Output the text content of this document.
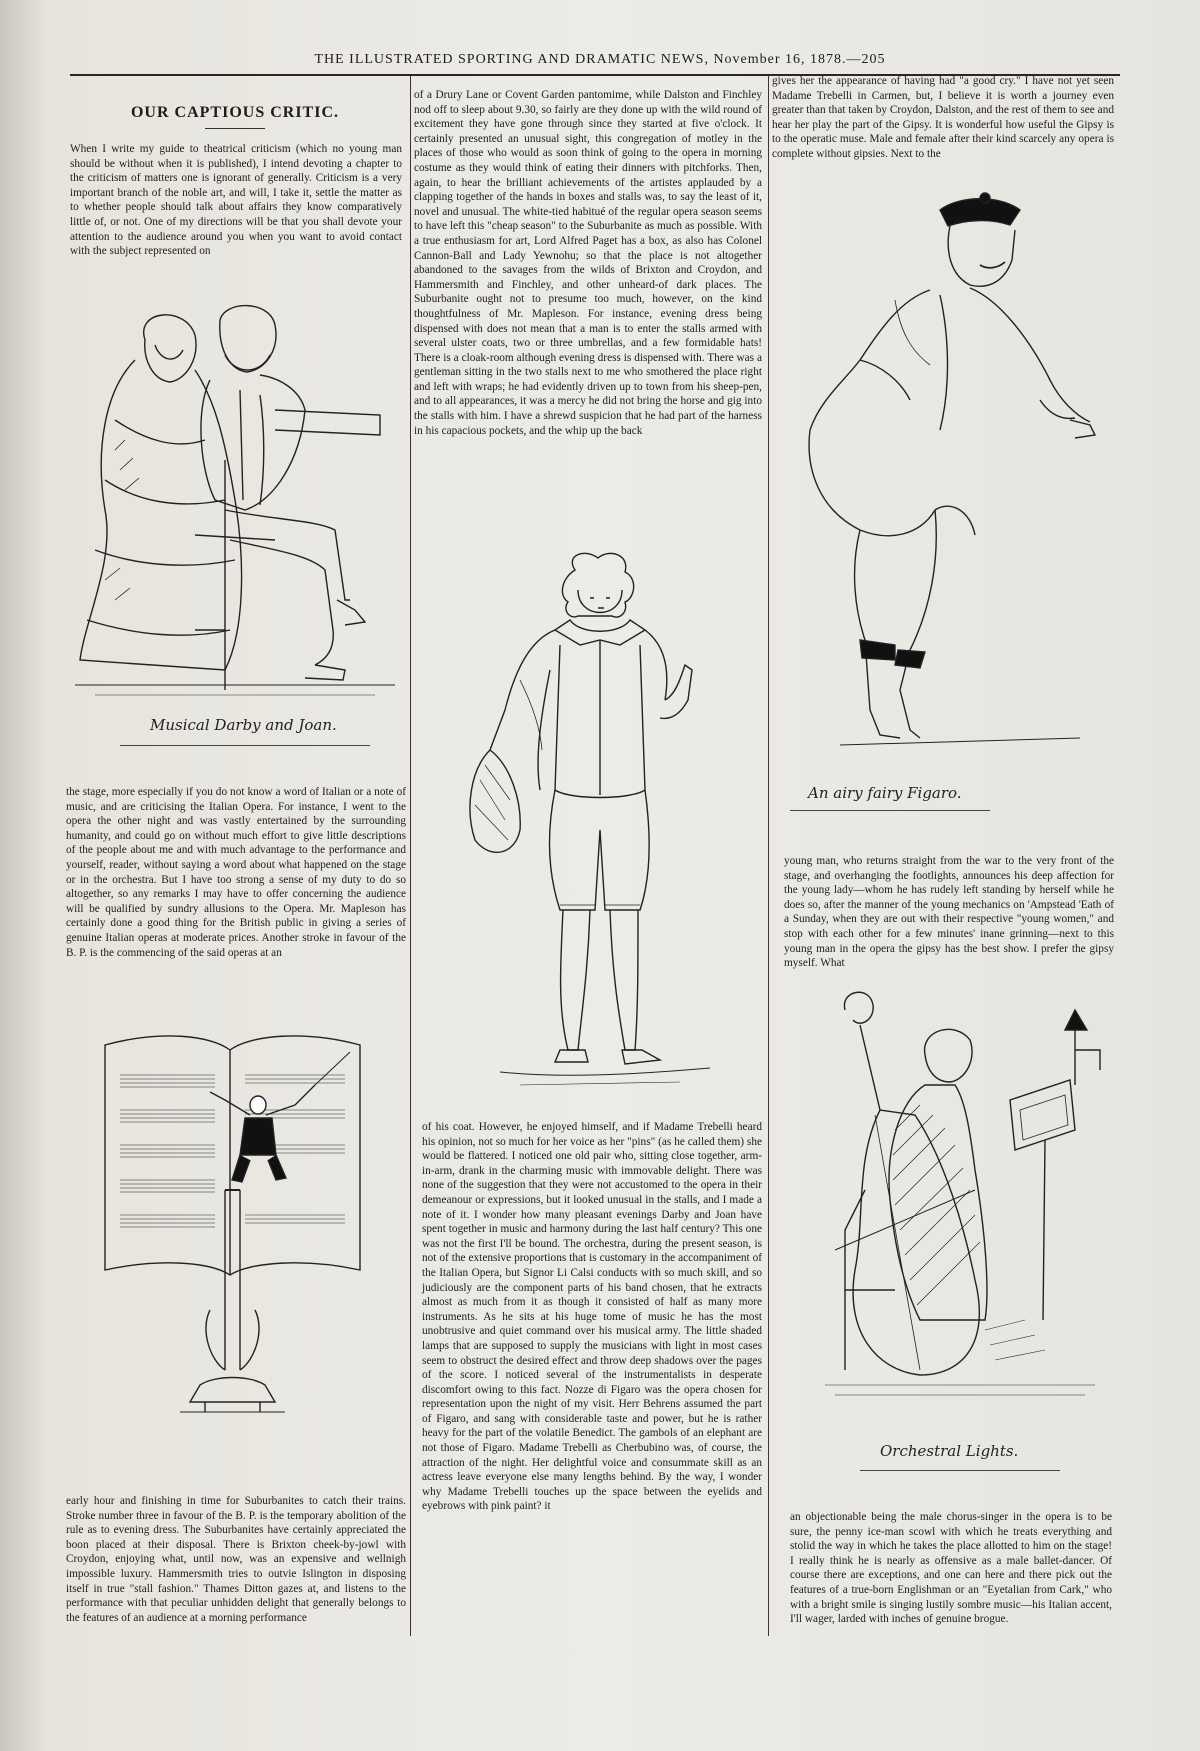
THE ILLUSTRATED SPORTING AND DRAMATIC NEWS, November 16, 1878.—205
OUR CAPTIOUS CRITIC.

When I write my guide to theatrical criticism (which no young man should be without when it is published), I intend devoting a chapter to the criticism of matters one is ignorant of generally. Criticism is a very important branch of the noble art, and will, I take it, settle the matter as to whether people should talk about affairs they know comparatively little of, or not. One of my directions will be that you shall devote your attention to the audience around you when you want to avoid contact with the subject represented on

Musical Darby and Joan.

the stage, more especially if you do not know a word of Italian or a note of music, and are criticising the Italian Opera. For instance, I went to the opera the other night and was vastly entertained by the surrounding humanity, and could go on without much effort to give little descriptions of the people about me and with much advantage to the performance and yourself, reader, without saying a word about what happened on the stage or in the orchestra. But I have too strong a sense of my duty to do so altogether, so any remarks I may have to offer concerning the audience will be qualified by sundry allusions to the Opera. Mr. Mapleson has certainly done a good thing for the British public in giving a series of genuine Italian operas at moderate prices. Another stroke in favour of the B. P. is the commencing of the said operas at an

early hour and finishing in time for Suburbanites to catch their trains. Stroke number three in favour of the B. P. is the temporary abolition of the rule as to evening dress. The Suburbanites have certainly appreciated the boon placed at their disposal. There is Brixton cheek-by-jowl with Croydon, enjoying what, until now, was an expensive and wellnigh impossible luxury. Hammersmith tries to outvie Islington in disposing itself in true "stall fashion." Thames Ditton gazes at, and listens to the performance with that peculiar unhidden delight that generally belongs to the features of an audience at a morning performance

of a Drury Lane or Covent Garden pantomime, while Dalston and Finchley nod off to sleep about 9.30, so fairly are they done up with the wild round of excitement they have gone through since they started at five o'clock. It certainly presented an unusual sight, this congregation of motley in the places of those who would as soon think of going to the opera in morning costume as they would think of eating their dinners with pitchforks. Then, again, to hear the brilliant achievements of the artistes applauded by a clapping together of the hands in boxes and stalls was, to say the least of it, novel and unusual. The white-tied habitué of the regular opera season seems to have left this "cheap season" to the Suburbanite as much as possible. With a true enthusiasm for art, Lord Alfred Paget has a box, as also has Colonel Cannon-Ball and Lady Yewnohu; so that the place is not altogether abandoned to the savages from the wilds of Brixton and Croydon, and Hammersmith and Finchley, and other unheard-of dark places. The Suburbanite ought not to presume too much, however, on the kind thoughtfulness of Mr. Mapleson. For instance, evening dress being dispensed with does not mean that a man is to enter the stalls armed with several ulster coats, two or three umbrellas, and a few formidable hats! There is a cloak-room although evening dress is dispensed with. There was a gentleman sitting in the two stalls next to me who smothered the place right and left with wraps; he had evidently driven up to town from his sheep-pen, and to all appearances, it was a mercy he did not bring the horse and gig into the stalls with him. I have a shrewd suspicion that he had part of the harness in his capacious pockets, and the whip up the back

of his coat. However, he enjoyed himself, and if Madame Trebelli heard his opinion, not so much for her voice as her "pins" (as he called them) she would be flattered. I noticed one old pair who, sitting close together, arm-in-arm, drank in the charming music with immovable delight. There was none of the suggestion that they were not accustomed to the opera in their demeanour or expressions, but it looked unusual in the stalls, and I made a note of it. I wonder how many pleasant evenings Darby and Joan have spent together in music and harmony during the last half century? This one was not the first I'll be bound. The orchestra, during the present season, is not of the extensive proportions that is customary in the accompaniment of the Italian Opera, but Signor Li Calsi conducts with so much skill, and so judiciously are the component parts of his band chosen, that he extracts almost as much from it as though it consisted of half as many more instruments. As he sits at his huge tome of music he has the most unobtrusive and quiet command over his musical army. The little shaded lamps that are supposed to supply the musicians with light in most cases seem to obstruct the desired effect and throw deep shadows over the pages of the score. I noticed several of the instrumentalists in desperate discomfort owing to this fact. Nozze di Figaro was the opera chosen for representation upon the night of my visit. Herr Behrens assumed the part of Figaro, and sang with considerable taste and power, but he is rather heavy for the part of the volatile Benedict. The gambols of an elephant are not those of Figaro. Madame Trebelli as Cherbubino was, of course, the attraction of the night. Her delightful voice and consummate skill as an actress leave everyone else many lengths behind. By the way, I wonder why Madame Trebelli touches up the space between the eyelids and eyebrows with pink paint? it

gives her the appearance of having had "a good cry." I have not yet seen Madame Trebelli in Carmen, but, I believe it is worth a journey even greater than that taken by Croydon, Dalston, and the rest of them to see and hear her play the part of the Gipsy. It is wonderful how useful the Gipsy is to the operatic muse. Male and female after their kind scarcely any opera is complete without gipsies. Next to the

An airy fairy Figaro.

young man, who returns straight from the war to the very front of the stage, and overhanging the footlights, announces his deep affection for the young lady—whom he has rudely left standing by herself while he does so, after the manner of the young mechanics on 'Ampstead 'Eath of a Sunday, when they are out with their respective "young women," and stop with each other for a few minutes' inane grinning—next to this young man in the opera the gipsy has the best show. I prefer the gipsy myself. What

Orchestral Lights.

an objectionable being the male chorus-singer in the opera is to be sure, the penny ice-man scowl with which he treats everything and stolid the way in which he takes the place allotted to him on the stage! I really think he is nearly as offensive as a male ballet-dancer. Of course there are exceptions, and one can here and there pick out the features of a true-born Englishman or an "Eyetalian from Cark," who with a bright smile is singing lustily sombre music—his Italian accent, I'll wager, larded with inches of genuine brogue.
